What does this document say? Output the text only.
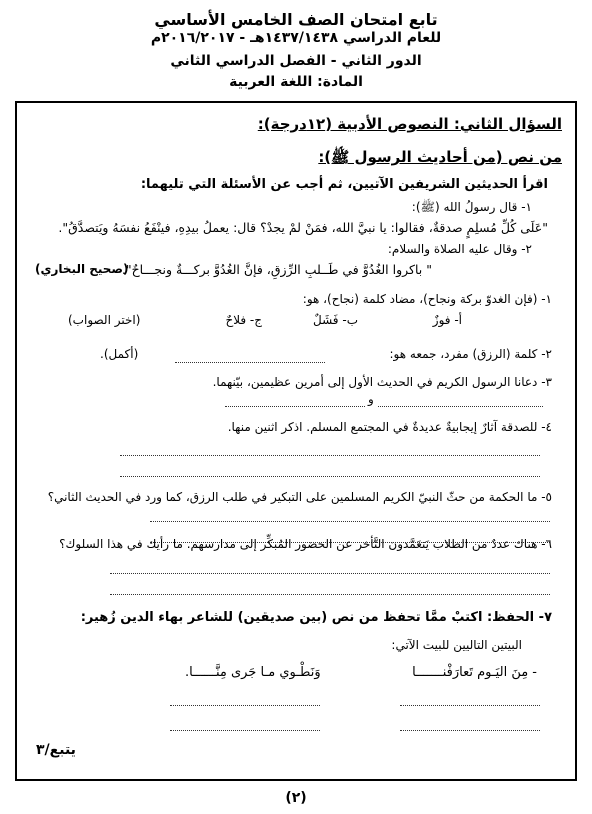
تابع امتحان الصف الخامس الأساسي
للعام الدراسي ١٤٣٧/١٤٣٨هـ - ٢٠١٦/٢٠١٧م
الدور الثاني - الفصل الدراسي الثاني
المادة: اللغة العربية
السؤال الثاني: النصوص الأدبية (١٢درجة):
من نص (من أحاديث الرسول ﷺ):
اقرأ الحديثين الشريفين الآتيين، ثم أجب عن الأسئلة التي تليهما:
١- قال رسولُ الله (ﷺ):
"عَلَى كُلِّ مُسلِمٍ صدقةٌ، فقالوا: يا نبيَّ الله، فمَنْ لمْ يجدْ؟ قال: يعملُ بيدِهِ، فينْفَعُ نفسَهُ ويَتصدَّقُ".
٢- وقال عليه الصلاة والسلام:
" باكروا الغُدُوَّ في طَــلبِ الرِّزقِ، فإنَّ الغُدُوَّ بركـــةٌ ونجـــاحٌ".
(صحيح البخاري)
١- (فإن الغدوّ بركة ونجاح)، مضاد كلمة (نجاح)، هو:
أ- فوزٌ
ب- فَشَلٌ
ج- فلاحٌ
(اختر الصواب)
٢- كلمة (الرزق) مفرد، جمعه هو:
(أكمل).
٣- دعانا الرسول الكريم في الحديث الأول إلى أمرين عظيمين، بيّنهما.
و
٤- للصدقة آثارٌ إيجابيةٌ عديدةٌ في المجتمع المسلم. اذكر اثنين منها.
٥- ما الحكمة من حثّ النبيّ الكريم المسلمين على التبكير في طلب الرزق، كما ورد في الحديث الثاني؟
٦- هناك عددٌ من الطلاب يَتعَمَّدون التَّأخر عن الحضور المُبكِّر إلى مدارسهم. ما رأيك في هذا السلوك؟
٧- الحفظ: اكتبْ ممَّا تحفظ من نص (بين صديقين) للشاعر بهاء الدين زُهير:
البيتين التاليين للبيت الآتي:
- مِنَ اليَـوم تَعارَفْنـــــــا
وَنَطْـوي مـا جَرى مِنَّــــــا.
يتبع/٣
(٢)
